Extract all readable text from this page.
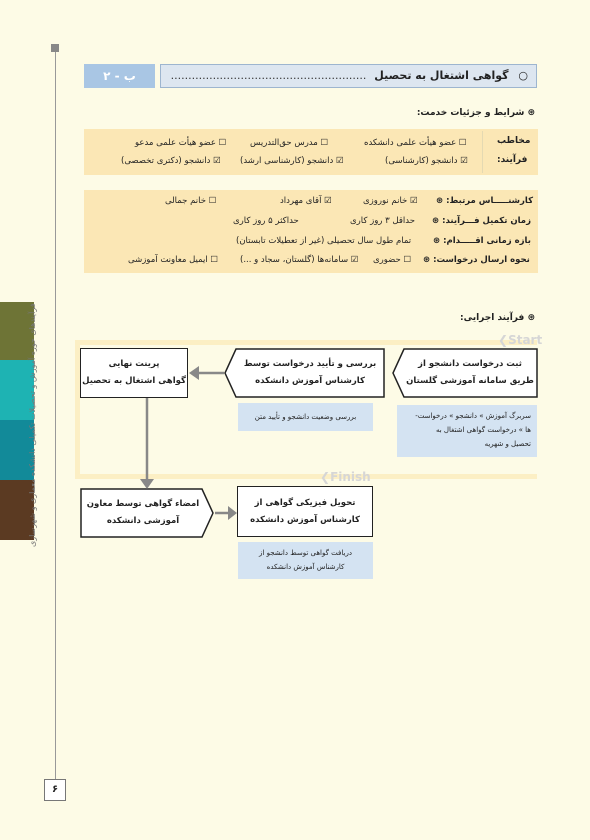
فرآیندهای حوزه آموزش و تحصیلات تکمیلی دانشکده معماری و شهرسازی
۶
ب - ۲	○ گواهی اشتغال به تحصیل ........................................................
⊛ شرایط و جزئیات خدمت:
مخاطب
فرآیند:
☐ عضو هیأت علمی دانشکده
☐ مدرس حق‌التدریس
☐ عضو هیأت علمی مدعو
☑ دانشجو (کارشناسی)
☑ دانشجو (کارشناسی ارشد)
☑ دانشجو (دکتری تخصصی)
کارشنـــــاس مرتبط: ⊛
☑ خانم نوروزی
☑ آقای مهرداد
☐ خانم جمالی
زمان تکمیل فـــرآیند: ⊛
حداقل ۳ روز کاری
حداکثر ۵ روز کاری
بازه زمانی اقـــــدام: ⊛
تمام طول سال تحصیلی (غیر از تعطیلات تابستان)
نحوه ارسال درخواست: ⊛
☐ حضوری
☑ سامانه‌ها (گلستان، سجاد و ...)
☐ ایمیل معاونت آموزشی
⊛ فرآیند اجرایی:
❮Start
❮Finish
ثبت درخواست دانشجو از
طریق سامانه آموزشی گلستان
بررسی و تأیید درخواست توسط
کارشناس آموزش دانشکده
پرینت نهایی
گواهی اشتغال به تحصیل
امضاء گواهی توسط معاون
آموزشی دانشکده
تحویل فیزیکی گواهی از
کارشناس آموزش دانشکده
سربرگ آموزش » دانشجو » درخواست-
ها » درخواست گواهی اشتغال به
تحصیل و شهریه
بررسی وضعیت دانشجو و تأیید متن
دریافت گواهی توسط دانشجو از
کارشناس آموزش دانشکده
